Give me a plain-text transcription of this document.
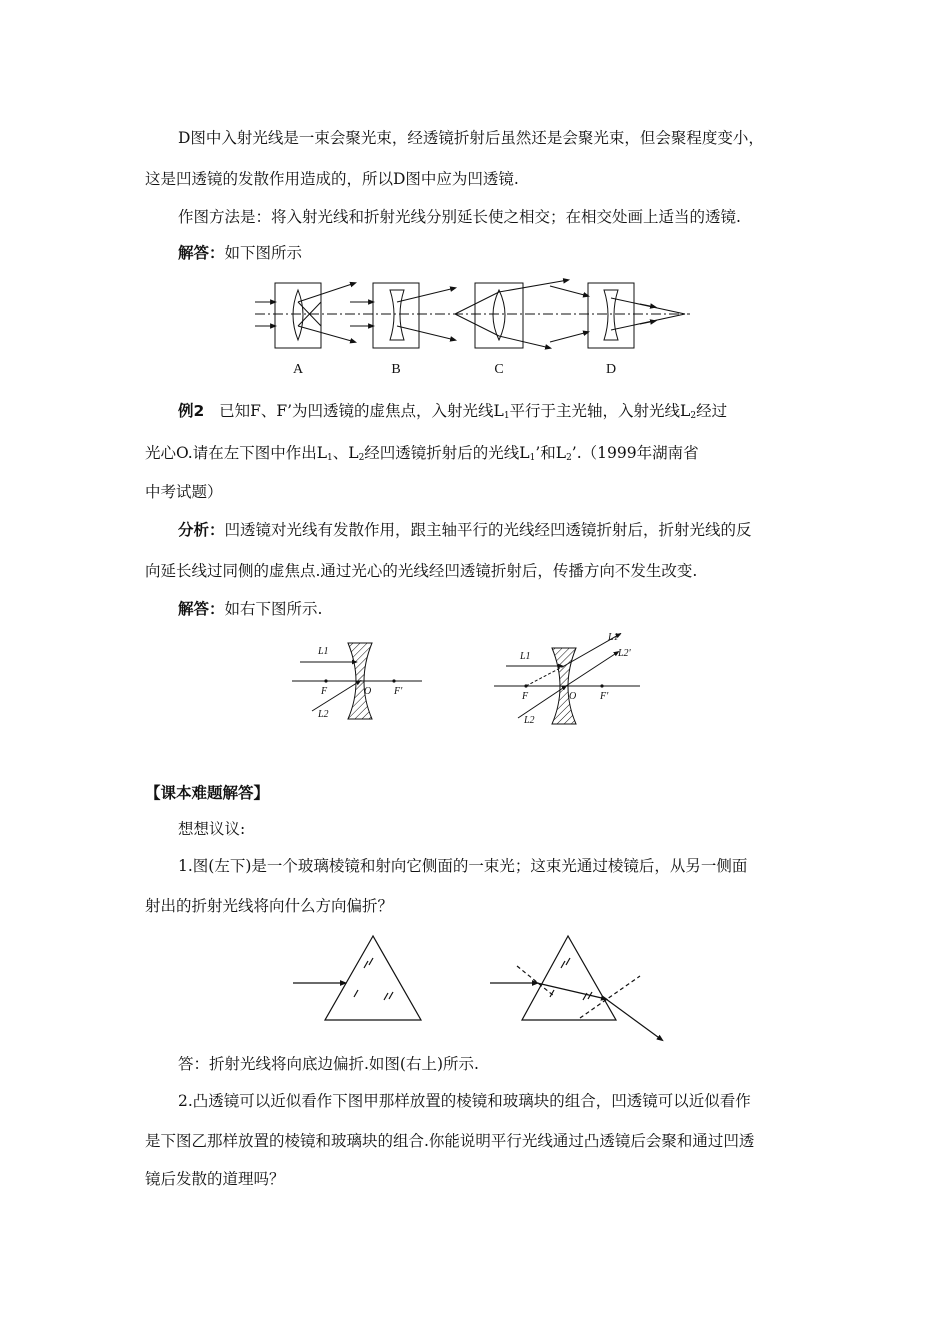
D图中入射光线是一束会聚光束，经透镜折射后虽然还是会聚光束，但会聚程度变小，
这是凹透镜的发散作用造成的，所以D图中应为凹透镜.
作图方法是：将入射光线和折射光线分别延长使之相交；在相交处画上适当的透镜.
解答：如下图所示
A	B	C	D
例2 已知F、F’为凹透镜的虚焦点，入射光线$L_1$平行于主光轴，入射光线$L_2$经过
光心O.请在左下图中作出$L_1$、$L_2$经凹透镜折射后的光线$L_1$’和$L_2’.(1999$年湖南省
中考试题）
分析：凹透镜对光线有发散作用，跟主轴平行的光线经凹透镜折射后，折射光线的反
向延长线过同侧的虚焦点.通过光心的光线经凹透镜折射后，传播方向不发生改变.
解答：如右下图所示.
L1
L2
F	O F'
L1
L2
L1'
L2'
F	O F'
【课本难题解答】
想想议议:
1.图(左下)是一个玻璃棱镜和射向它侧面的一束光；这束光通过棱镜后，从另一侧面
射出的折射光线将向什么方向偏折？
答：折射光线将向底边偏折.如图(右上)所示.
2.凸透镜可以近似看作下图甲那样放置的棱镜和玻璃块的组合，凹透镜可以近似看作
是下图乙那样放置的棱镜和玻璃块的组合.你能说明平行光线通过凸透镜后会聚和通过凹透
镜后发散的道理吗？
